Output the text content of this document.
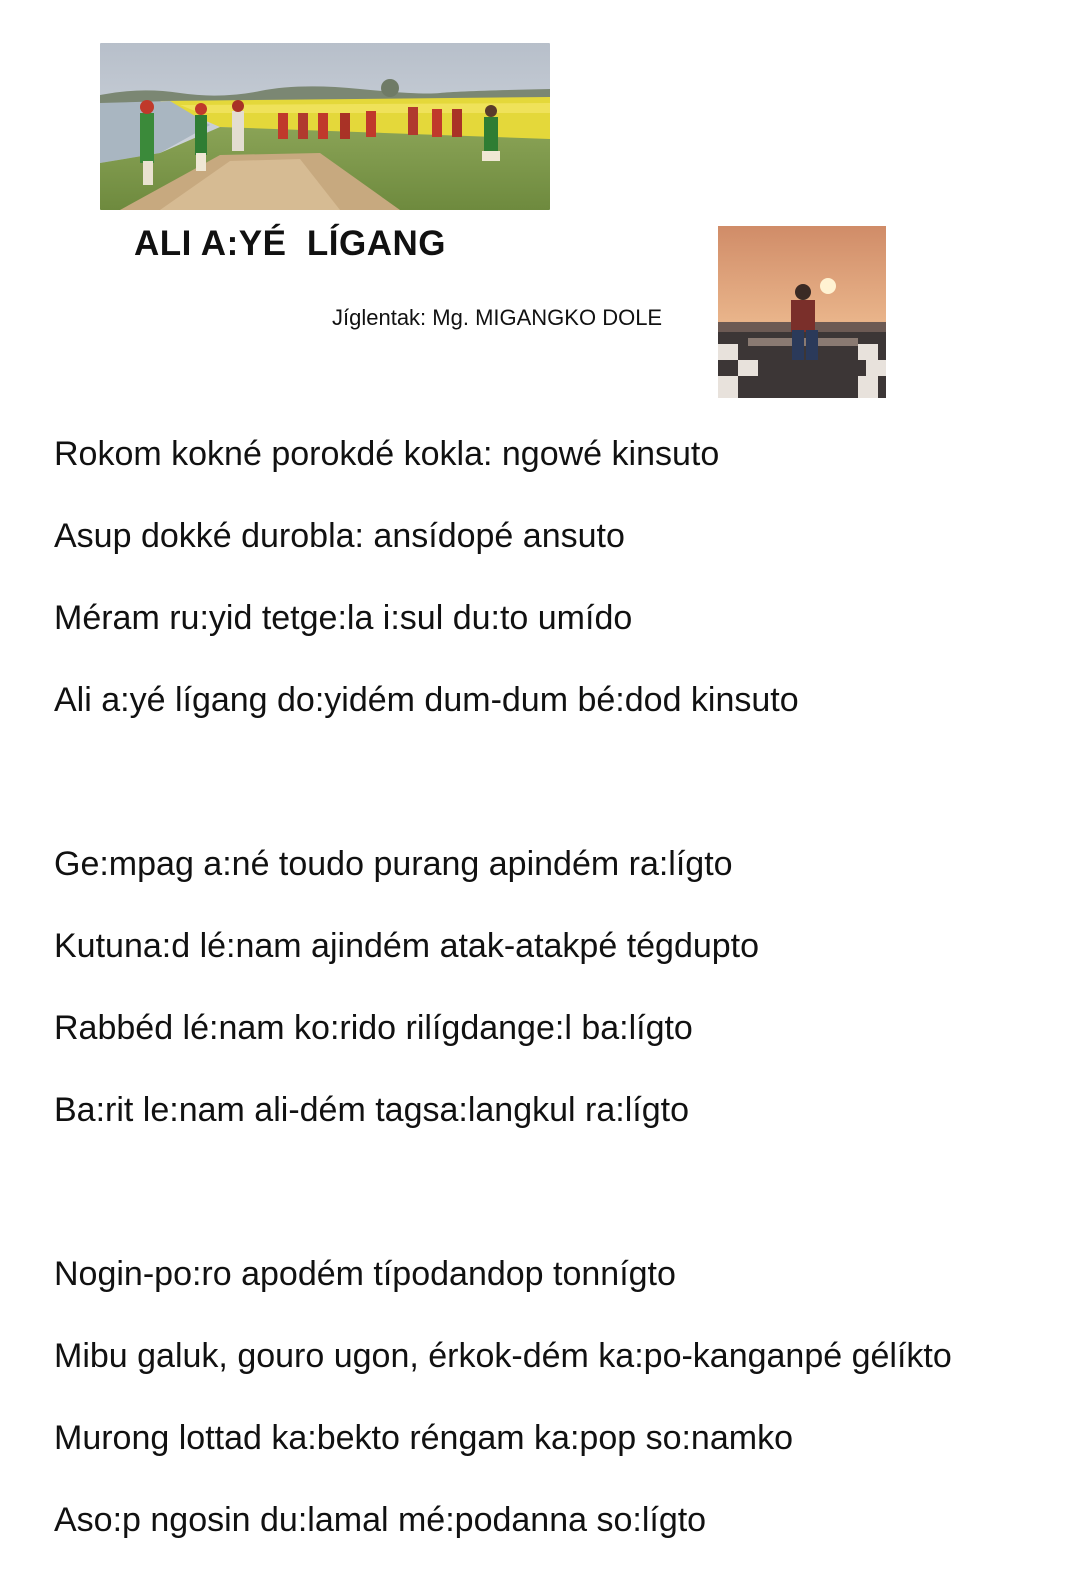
ALI A:YÉ  LÍGANG
Jíglentak: Mg. MIGANGKO DOLE
Rokom kokné porokdé kokla: ngowé kinsuto
Asup dokké durobla: ansídopé ansuto
Méram ru:yid tetge:la i:sul du:to umído
Ali a:yé lígang do:yidém dum-dum bé:dod kinsuto
Ge:mpag a:né toudo purang apindém ra:lígto
Kutuna:d lé:nam ajindém atak-atakpé tégdupto
Rabbéd lé:nam ko:rido rilígdange:l ba:lígto
Ba:rit le:nam ali-dém tagsa:langkul ra:lígto
Nogin-po:ro apodém típodandop tonnígto
Mibu galuk, gouro ugon, érkok-dém ka:po-kanganpé gélíkto
Murong lottad ka:bekto réngam ka:pop so:namko
Aso:p ngosin du:lamal mé:podanna so:lígto
